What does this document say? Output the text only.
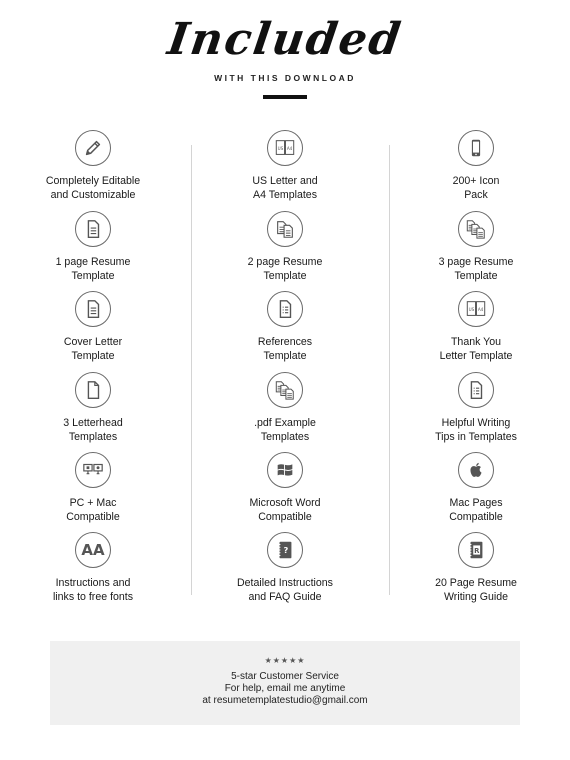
Included
WITH THIS DOWNLOAD
Completely Editable
and Customizable
1 page Resume
Template
Cover Letter
Template
3 Letterhead
Templates
PC + Mac
Compatible
AA
Instructions and
links to free fonts
US A4
US Letter and
A4 Templates
2 page Resume
Template
References
Template
.pdf Example
Templates
Microsoft Word
Compatible
?
Detailed Instructions
and FAQ Guide
200+ Icon
Pack
3 page Resume
Template
US A4
Thank You
Letter Template
Helpful Writing
Tips in Templates
Mac Pages
Compatible
R
20 Page Resume
Writing Guide
★★★★★
5-star Customer Service
For help, email me anytime
at resumetemplatestudio@gmail.com
